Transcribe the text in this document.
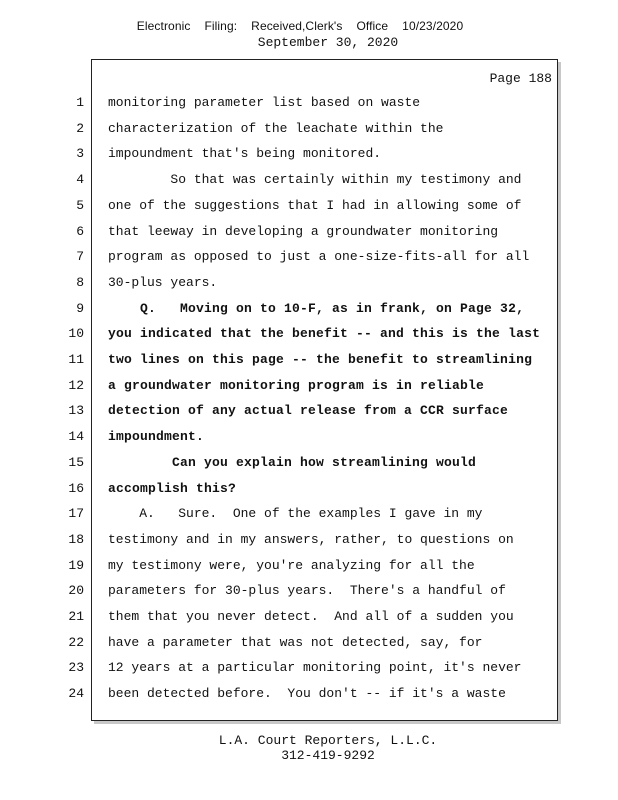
Electronic Filing: Received,Clerk's Office 10/23/2020
September 30, 2020
Page 188
1 monitoring parameter list based on waste
2 characterization of the leachate within the
3 impoundment that's being monitored.
4 So that was certainly within my testimony and
5 one of the suggestions that I had in allowing some of
6 that leeway in developing a groundwater monitoring
7 program as opposed to just a one-size-fits-all for all
8 30-plus years.
9 Q.   Moving on to 10-F, as in frank, on Page 32,
10 you indicated that the benefit -- and this is the last
11 two lines on this page -- the benefit to streamlining
12 a groundwater monitoring program is in reliable
13 detection of any actual release from a CCR surface
14 impoundment.
15 Can you explain how streamlining would
16 accomplish this?
17 A.   Sure.  One of the examples I gave in my
18 testimony and in my answers, rather, to questions on
19 my testimony were, you're analyzing for all the
20 parameters for 30-plus years.  There's a handful of
21 them that you never detect.  And all of a sudden you
22 have a parameter that was not detected, say, for
23 12 years at a particular monitoring point, it's never
24 been detected before.  You don't -- if it's a waste
L.A. Court Reporters, L.L.C.
312-419-9292
